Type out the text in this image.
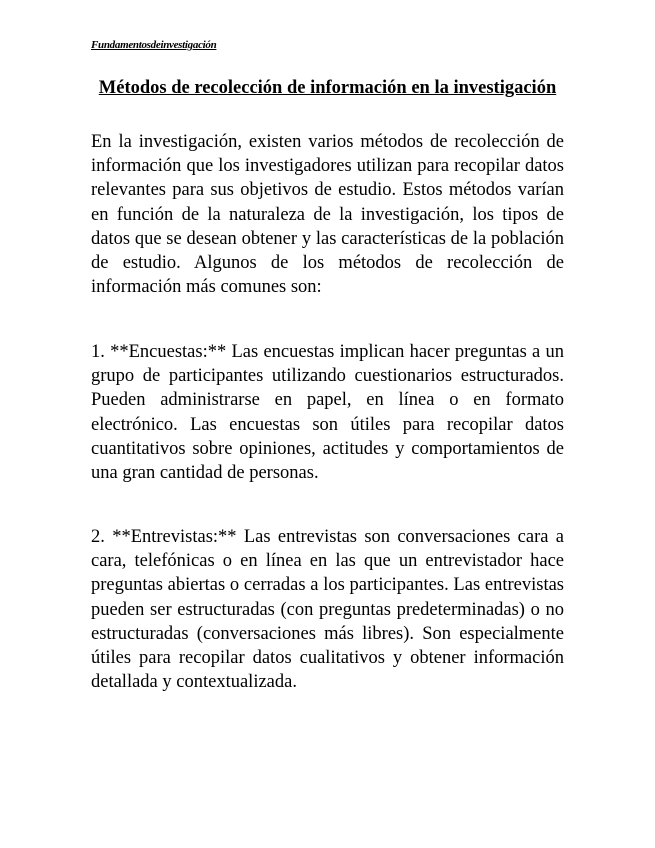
Fundamentosdeinvestigación
Métodos de recolección de información en la investigación

En la investigación, existen varios métodos de recolección de información que los investigadores utilizan para recopilar datos relevantes para sus objetivos de estudio. Estos métodos varían en función de la naturaleza de la investigación, los tipos de datos que se desean obtener y las características de la población de estudio. Algunos de los métodos de recolección de información más comunes son:

1. **Encuestas:** Las encuestas implican hacer preguntas a un grupo de participantes utilizando cuestionarios estructurados. Pueden administrarse en papel, en línea o en formato electrónico. Las encuestas son útiles para recopilar datos cuantitativos sobre opiniones, actitudes y comportamientos de una gran cantidad de personas.

2. **Entrevistas:** Las entrevistas son conversaciones cara a cara, telefónicas o en línea en las que un entrevistador hace preguntas abiertas o cerradas a los participantes. Las entrevistas pueden ser estructuradas (con preguntas predeterminadas) o no estructuradas (conversaciones más libres). Son especialmente útiles para recopilar datos cualitativos y obtener información detallada y contextualizada.
